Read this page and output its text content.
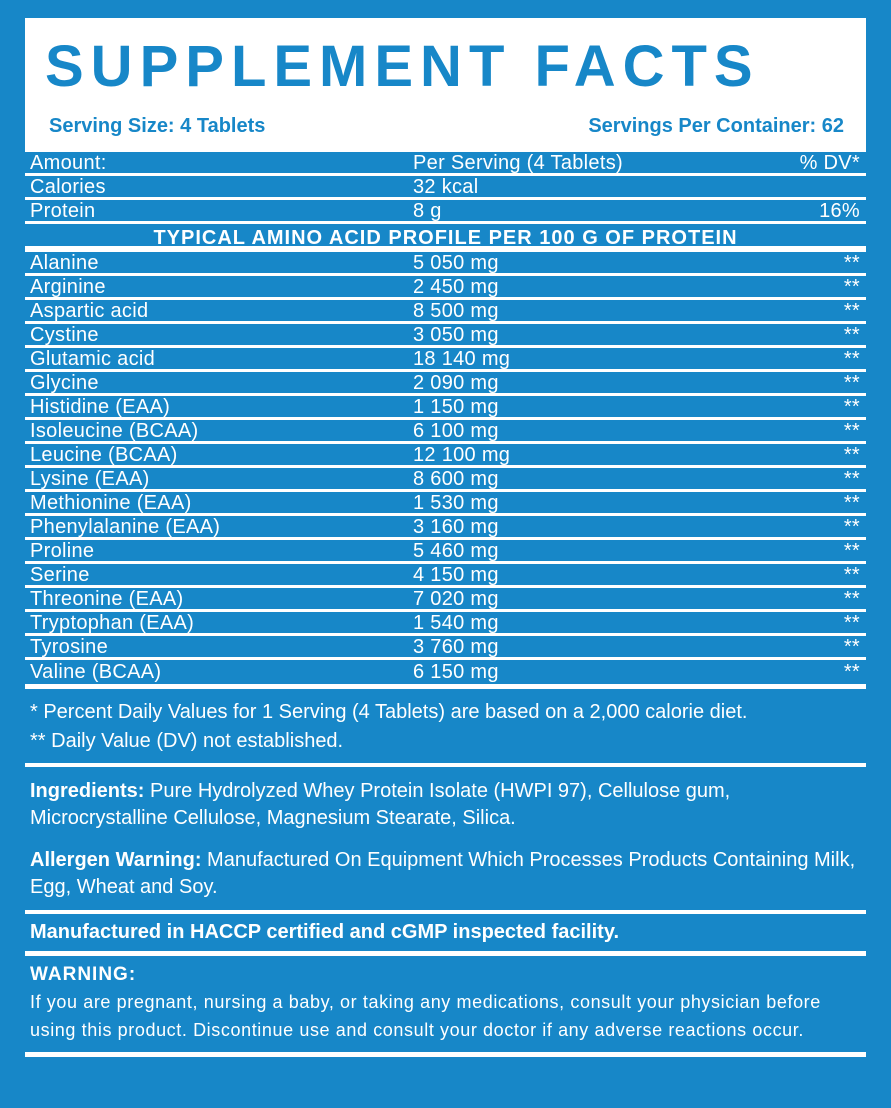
SUPPLEMENT FACTS
Serving Size: 4 Tablets	Servings Per Container: 62
Amount:	Per Serving (4 Tablets)	% DV*
Calories	32 kcal
Protein	8 g	16%
TYPICAL AMINO ACID PROFILE PER 100 G OF PROTEIN
Alanine	5 050 mg	**
Arginine	2 450 mg	**
Aspartic acid	8 500 mg	**
Cystine	3 050 mg	**
Glutamic acid	18 140 mg	**
Glycine	2 090 mg	**
Histidine (EAA)	1 150 mg	**
Isoleucine (BCAA)	6 100 mg	**
Leucine (BCAA)	12 100 mg	**
Lysine (EAA)	8 600 mg	**
Methionine (EAA)	1 530 mg	**
Phenylalanine (EAA)	3 160 mg	**
Proline	5 460 mg	**
Serine	4 150 mg	**
Threonine (EAA)	7 020 mg	**
Tryptophan (EAA)	1 540 mg	**
Tyrosine	3 760 mg	**
Valine (BCAA)	6 150 mg	**
* Percent Daily Values for 1 Serving (4 Tablets) are based on a 2,000 calorie diet.
** Daily Value (DV) not established.
Ingredients: Pure Hydrolyzed Whey Protein Isolate (HWPI 97), Cellulose gum, Microcrystalline Cellulose, Magnesium Stearate, Silica.
Allergen Warning: Manufactured On Equipment Which Processes Products Containing Milk, Egg, Wheat and Soy.
Manufactured in HACCP certified and cGMP inspected facility.
WARNING:
If you are pregnant, nursing a baby, or taking any medications, consult your physician before using this product. Discontinue use and consult your doctor if any adverse reactions occur.
